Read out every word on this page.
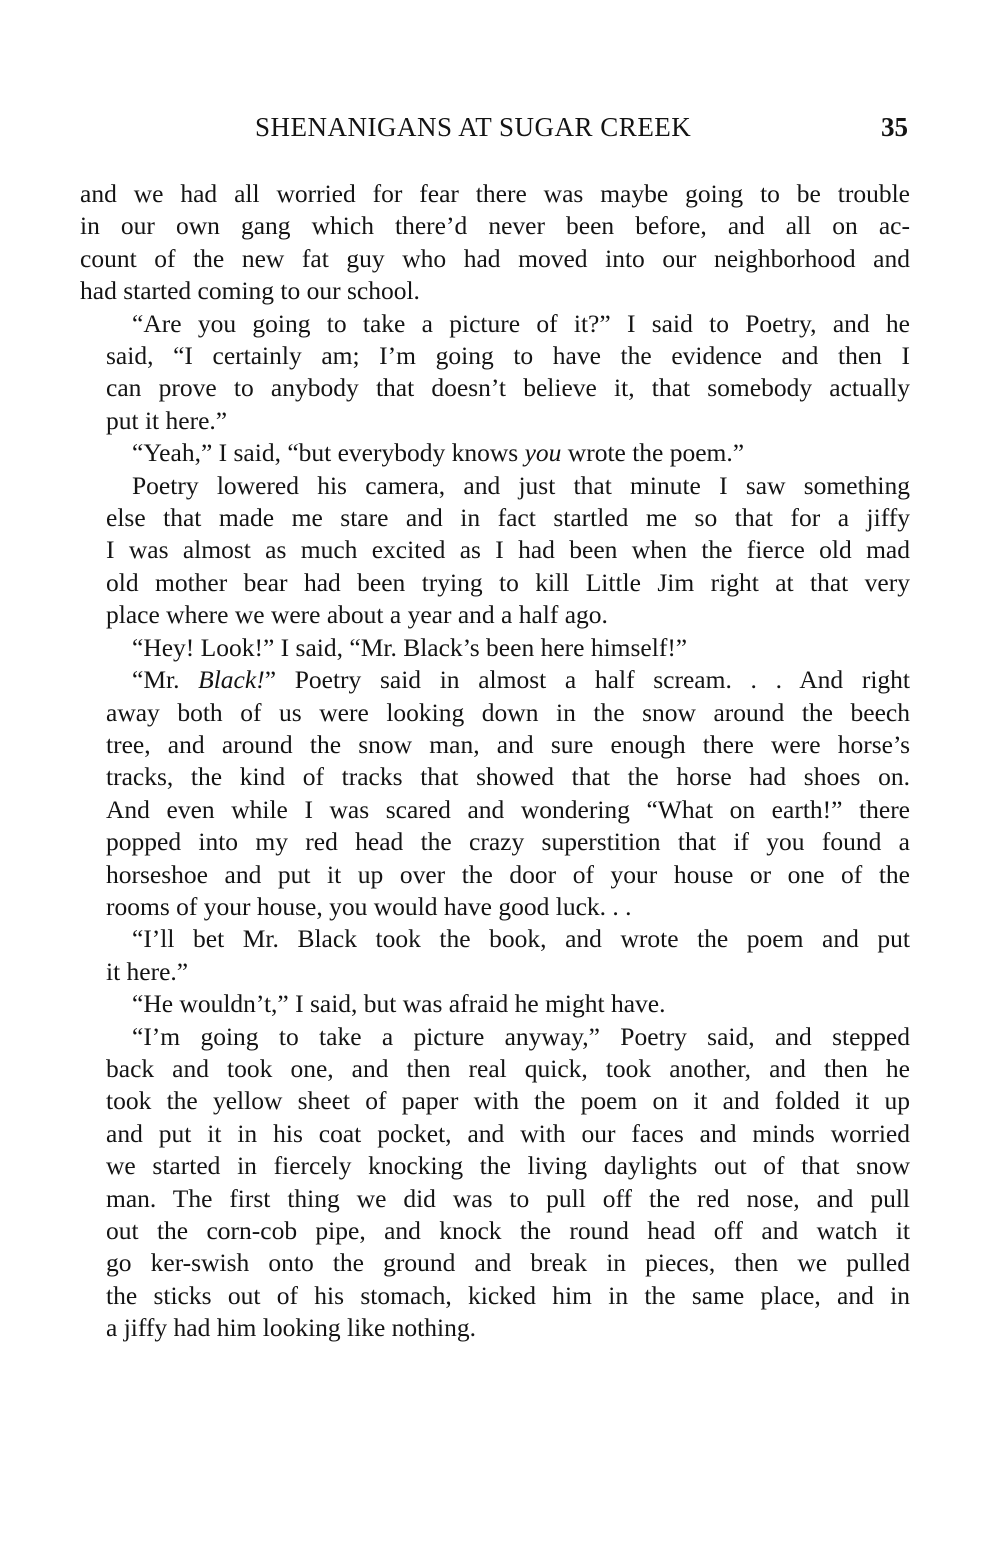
SHENANIGANS AT SUGAR CREEK	35

and we had all worried for fear there was maybe going to be trouble
in our own gang which there’d never been before, and all on ac-
count of the new fat guy who had moved into our neighborhood and
had started coming to our school.

“Are you going to take a picture of it?” I said to Poetry, and he
said, “I certainly am; I’m going to have the evidence and then I
can prove to anybody that doesn’t believe it, that somebody actually
put it here.”

“Yeah,” I said, “but everybody knows you wrote the poem.”

Poetry lowered his camera, and just that minute I saw something
else that made me stare and in fact startled me so that for a jiffy
I was almost as much excited as I had been when the fierce old mad
old mother bear had been trying to kill Little Jim right at that very
place where we were about a year and a half ago.

“Hey! Look!” I said, “Mr. Black’s been here himself!”

“Mr. Black!” Poetry said in almost a half scream. . . And right
away both of us were looking down in the snow around the beech
tree, and around the snow man, and sure enough there were horse’s
tracks, the kind of tracks that showed that the horse had shoes on.
And even while I was scared and wondering “What on earth!” there
popped into my red head the crazy superstition that if you found a
horseshoe and put it up over the door of your house or one of the
rooms of your house, you would have good luck. . .

“I’ll bet Mr. Black took the book, and wrote the poem and put
it here.”

“He wouldn’t,” I said, but was afraid he might have.

“I’m going to take a picture anyway,” Poetry said, and stepped
back and took one, and then real quick, took another, and then he
took the yellow sheet of paper with the poem on it and folded it up
and put it in his coat pocket, and with our faces and minds worried
we started in fiercely knocking the living daylights out of that snow
man. The first thing we did was to pull off the red nose, and pull
out the corn-cob pipe, and knock the round head off and watch it
go ker-swish onto the ground and break in pieces, then we pulled
the sticks out of his stomach, kicked him in the same place, and in
a jiffy had him looking like nothing.
